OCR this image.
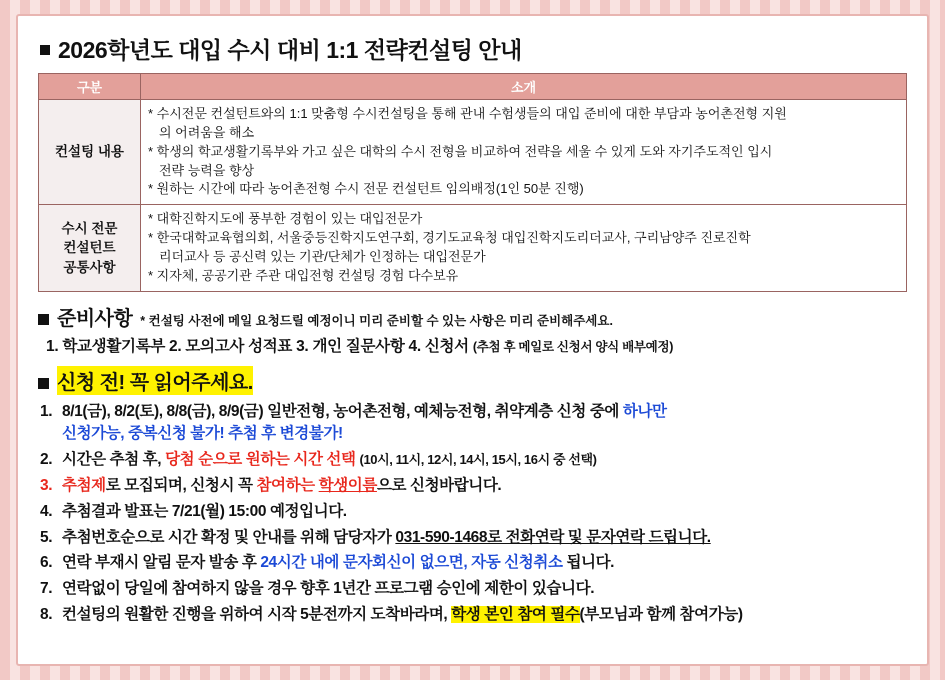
2026학년도 대입 수시 대비 1:1 전략컨설팅 안내
구분	소개
컨설팅 내용	* 수시전문 컨설턴트와의 1:1 맞춤형 수시컨설팅을 통해 관내 수험생들의 대입 준비에 대한 부담과 농어촌전형 지원
의 어려움을 해소
* 학생의 학교생활기록부와 가고 싶은 대학의 수시 전형을 비교하여 전략을 세울 수 있게 도와 자기주도적인 입시
전략 능력을 향상
* 원하는 시간에 따라 농어촌전형 수시 전문 컨설턴트 임의배정(1인 50분 진행)

수시 전문
컨설턴트
공통사항	* 대학진학지도에 풍부한 경험이 있는 대입전문가
* 한국대학교육협의회, 서울중등진학지도연구회, 경기도교육청 대입진학지도리더교사, 구리남양주 진로진학
리더교사 등 공신력 있는 기관/단체가 인정하는 대입전문가
* 지자체, 공공기관 주관 대입전형 컨설팅 경험 다수보유
준비사항 * 컨설팅 사전에 메일 요청드릴 예정이니 미리 준비할 수 있는 사항은 미리 준비해주세요.
1. 학교생활기록부 2. 모의고사 성적표 3. 개인 질문사항 4. 신청서 (추첨 후 메일로 신청서 양식 배부예정)
신청 전! 꼭 읽어주세요.
1. 8/1(금), 8/2(토), 8/8(금), 8/9(금) 일반전형, 농어촌전형, 예체능전형, 취약계층 신청 중에 하나만
신청가능, 중복신청 불가! 추첨 후 변경불가!
2. 시간은 추첨 후, 당첨 순으로 원하는 시간 선택 (10시, 11시, 12시, 14시, 15시, 16시 중 선택)
3. 추첨제로 모집되며, 신청시 꼭 참여하는 학생이름으로 신청바랍니다.
4. 추첨결과 발표는 7/21(월) 15:00 예정입니다.
5. 추첨번호순으로 시간 확정 및 안내를 위해 담당자가 031-590-1468로 전화연락 및 문자연락 드립니다.
6. 연락 부재시 알림 문자 발송 후 24시간 내에 문자회신이 없으면, 자동 신청취소 됩니다.
7. 연락없이 당일에 참여하지 않을 경우 향후 1년간 프로그램 승인에 제한이 있습니다.
8. 컨설팅의 원활한 진행을 위하여 시작 5분전까지 도착바라며, 학생 본인 참여 필수(부모님과 함께 참여가능)
